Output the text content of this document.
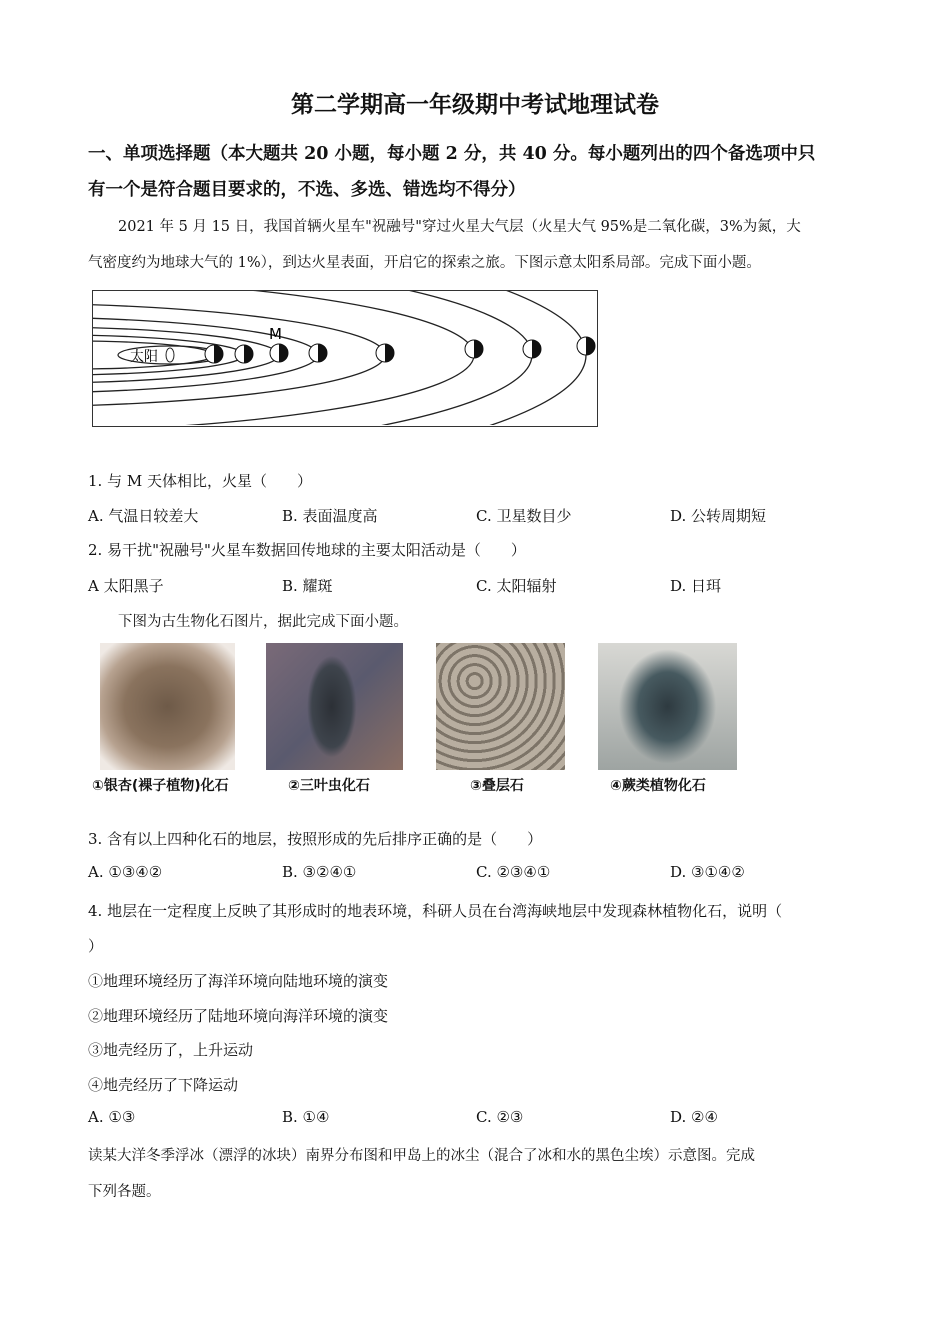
第二学期高一年级期中考试地理试卷
一、单项选择题（本大题共 20 小题，每小题 2 分，共 40 分。每小题列出的四个备选项中只
有一个是符合题目要求的，不选、多选、错选均不得分）
2021 年 5 月 15 日，我国首辆火星车"祝融号"穿过火星大气层（火星大气 95%是二氧化碳，3%为氮，大
气密度约为地球大气的 1%），到达火星表面，开启它的探索之旅。下图示意太阳系局部。完成下面小题。
太阳
M
1. 与 M 天体相比，火星（　　）
A. 气温日较差大	B. 表面温度高	C. 卫星数目少	D. 公转周期短
2. 易干扰"祝融号"火星车数据回传地球的主要太阳活动是（　　）
A 太阳黑子	B. 耀斑	C. 太阳辐射	D. 日珥
下图为古生物化石图片，据此完成下面小题。
①银杏(裸子植物)化石	②三叶虫化石	③叠层石	④蕨类植物化石
3. 含有以上四种化石的地层，按照形成的先后排序正确的是（　　）
A. ①③④②	B. ③②④①	C. ②③④①	D. ③①④②
4. 地层在一定程度上反映了其形成时的地表环境，科研人员在台湾海峡地层中发现森林植物化石，说明（
）
①地理环境经历了海洋环境向陆地环境的演变
②地理环境经历了陆地环境向海洋环境的演变
③地壳经历了，上升运动
④地壳经历了下降运动
A. ①③	B. ①④	C. ②③	D. ②④
读某大洋冬季浮冰（漂浮的冰块）南界分布图和甲岛上的冰尘（混合了冰和水的黑色尘埃）示意图。完成
下列各题。
